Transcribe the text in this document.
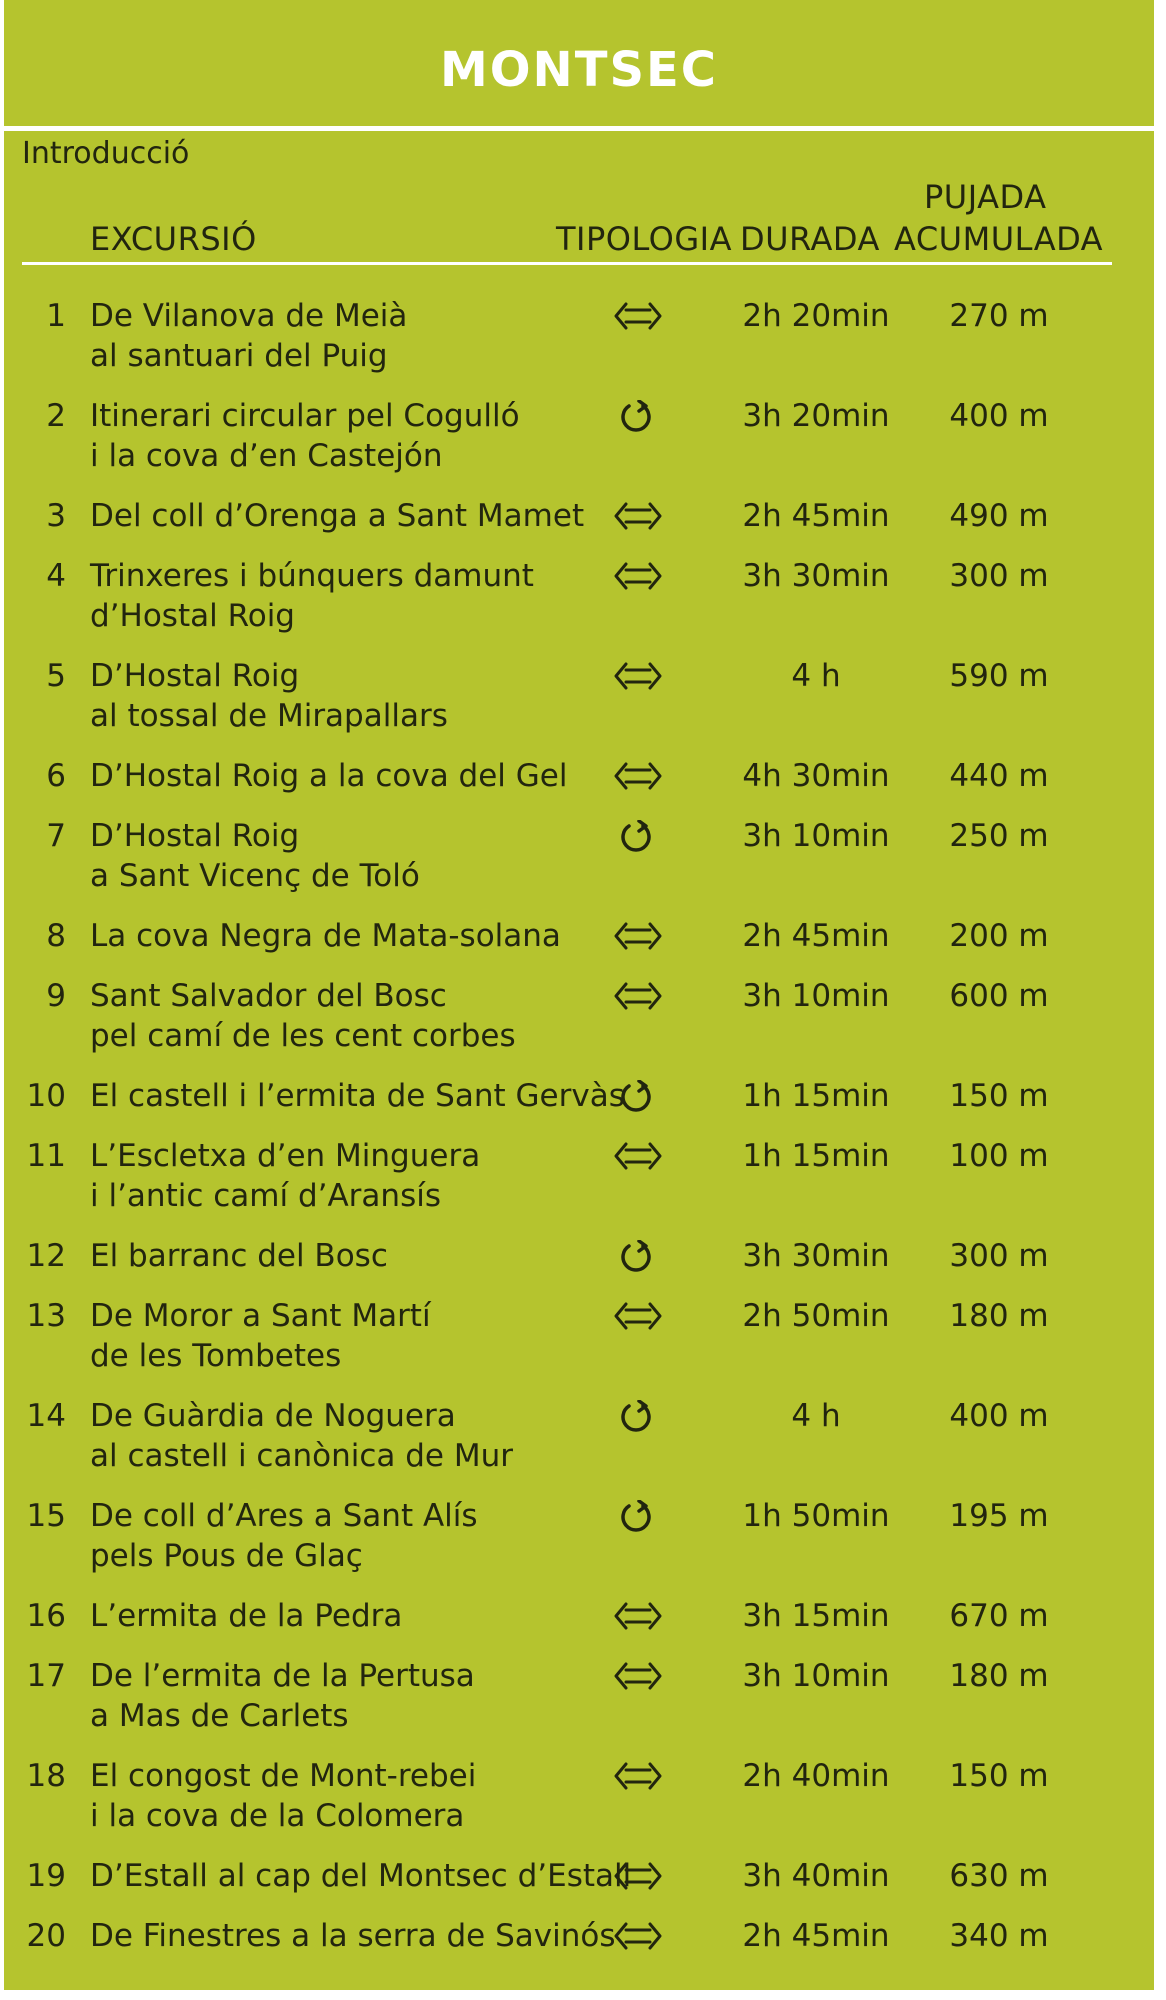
MONTSEC
Introducció
EXCURSIÓ	TIPOLOGIA DURADA
PUJADA
ACUMULADA
1 De Vilanova de Meià
al santuari del Puig
2h 20min	270 m
2 Itinerari circular pel Cogulló
i la cova d’en Castejón
3h 20min	400 m
3 Del coll d’Orenga a Sant Mamet	2h 45min	490 m
4 Trinxeres i búnquers damunt
d’Hostal Roig
3h 30min	300 m
5 D’Hostal Roig
al tossal de Mirapallars
4 h	590 m
6 D’Hostal Roig a la cova del Gel	4h 30min	440 m
7 D’Hostal Roig
a Sant Vicenç de Toló
3h 10min	250 m
8 La cova Negra de Mata-solana	2h 45min	200 m
9 Sant Salvador del Bosc
pel camí de les cent corbes
3h 10min	600 m
10 El castell i l’ermita de Sant Gervàs	1h 15min	150 m
11 L’Escletxa d’en Minguera
i l’antic camí d’Aransís
1h 15min	100 m
12 El barranc del Bosc	3h 30min	300 m
13 De Moror a Sant Martí
de les Tombetes
2h 50min	180 m
14 De Guàrdia de Noguera
al castell i canònica de Mur
4 h	400 m
15 De coll d’Ares a Sant Alís
pels Pous de Glaç
1h 50min	195 m
16 L’ermita de la Pedra	3h 15min	670 m
17 De l’ermita de la Pertusa
a Mas de Carlets
3h 10min	180 m
18 El congost de Mont-rebei
i la cova de la Colomera
2h 40min	150 m
19 D’Estall al cap del Montsec d’Estall	3h 40min	630 m
20 De Finestres a la serra de Savinós	2h 45min	340 m
